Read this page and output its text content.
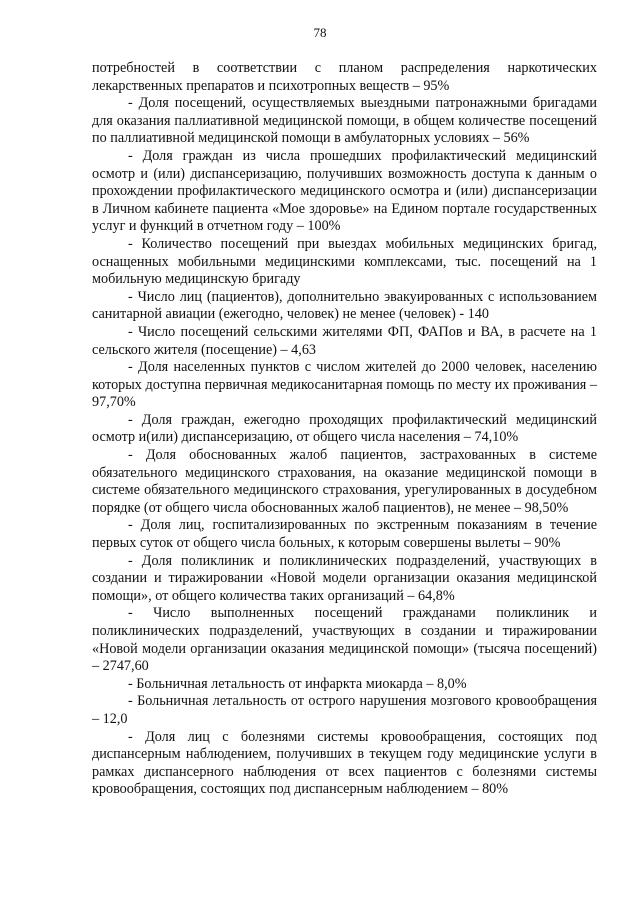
78

потребностей в соответствии с планом распределения наркотических лекарственных препаратов и психотропных веществ – 95%

- Доля посещений, осуществляемых выездными патронажными бригадами для оказания паллиативной медицинской помощи, в общем количестве посещений по паллиативной медицинской помощи в амбулаторных условиях – 56%

- Доля граждан из числа прошедших профилактический медицинский осмотр и (или) диспансеризацию, получивших возможность доступа к данным о прохождении профилактического медицинского осмотра и (или) диспансеризации в Личном кабинете пациента «Мое здоровье» на Едином портале государственных услуг и функций в отчетном году – 100%

- Количество посещений при выездах мобильных медицинских бригад, оснащенных мобильными медицинскими комплексами, тыс. посещений на 1 мобильную медицинскую бригаду

- Число лиц (пациентов), дополнительно эвакуированных с использованием санитарной авиации (ежегодно, человек) не менее (человек) - 140

- Число посещений сельскими жителями ФП, ФАПов и ВА, в расчете на 1 сельского жителя (посещение) – 4,63

- Доля населенных пунктов с числом жителей до 2000 человек, населению которых доступна первичная медикосанитарная помощь по месту их проживания – 97,70%

- Доля граждан, ежегодно проходящих профилактический медицинский осмотр и(или) диспансеризацию, от общего числа населения – 74,10%

- Доля обоснованных жалоб пациентов, застрахованных в системе обязательного медицинского страхования, на оказание медицинской помощи в системе обязательного медицинского страхования, урегулированных в досудебном порядке (от общего числа обоснованных жалоб пациентов), не менее – 98,50%

- Доля лиц, госпитализированных по экстренным показаниям в течение первых суток от общего числа больных, к которым совершены вылеты – 90%

- Доля поликлиник и поликлинических подразделений, участвующих в создании и тиражировании «Новой модели организации оказания медицинской помощи», от общего количества таких организаций – 64,8%

- Число выполненных посещений гражданами поликлиник и поликлинических подразделений, участвующих в создании и тиражировании «Новой модели организации оказания медицинской помощи» (тысяча посещений) – 2747,60

- Больничная летальность от инфаркта миокарда – 8,0%

- Больничная летальность от острого нарушения мозгового кровообращения – 12,0

- Доля лиц с болезнями системы кровообращения, состоящих под диспансерным наблюдением, получивших в текущем году медицинские услуги в рамках диспансерного наблюдения от всех пациентов с болезнями системы кровообращения, состоящих под диспансерным наблюдением – 80%
